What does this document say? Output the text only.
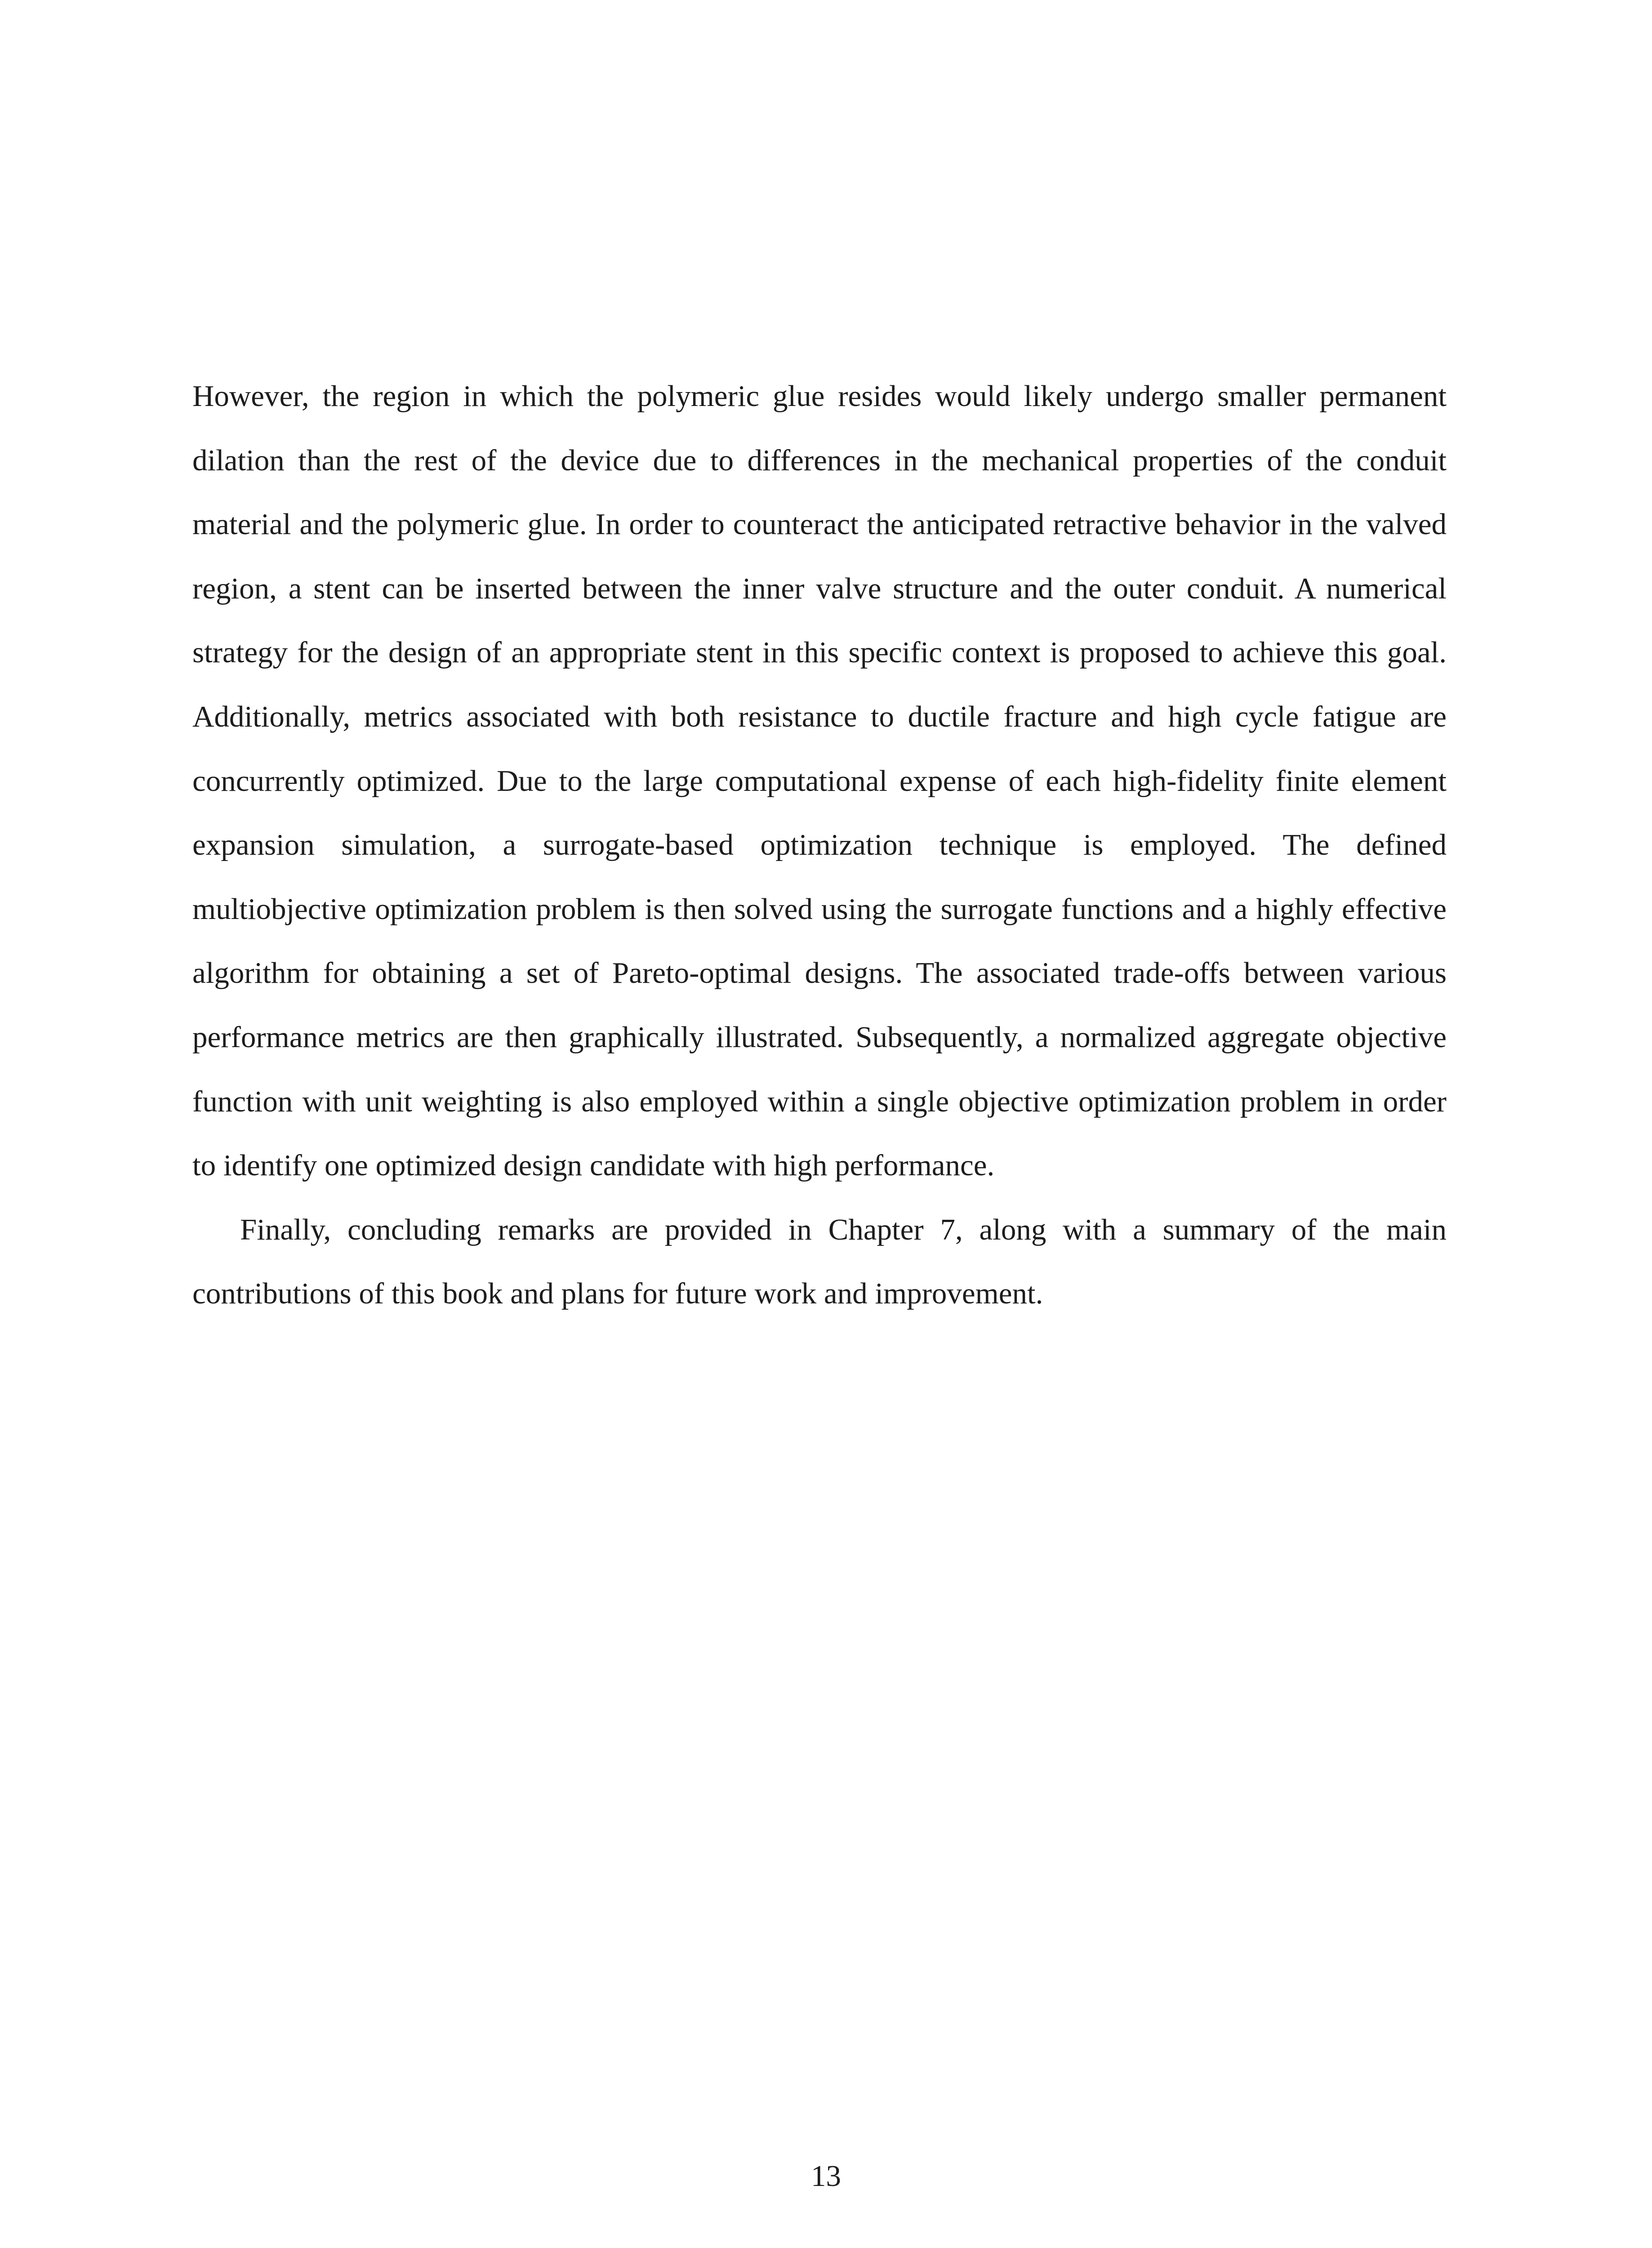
However, the region in which the polymeric glue resides would likely undergo smaller permanent dilation than the rest of the device due to differences in the mechanical properties of the conduit material and the polymeric glue. In order to counteract the anticipated retractive behavior in the valved region, a stent can be inserted between the inner valve structure and the outer conduit. A numerical strategy for the design of an appropriate stent in this specific context is proposed to achieve this goal. Additionally, metrics associated with both resistance to ductile fracture and high cycle fatigue are concurrently optimized. Due to the large computational expense of each high-fidelity finite element expansion simulation, a surrogate-based optimization technique is employed. The defined multiobjective optimization problem is then solved using the surrogate functions and a highly effective algorithm for obtaining a set of Pareto-optimal designs. The associated trade-offs between various performance metrics are then graphically illustrated. Subsequently, a normalized aggregate objective function with unit weighting is also employed within a single objective optimization problem in order to identify one optimized design candidate with high performance.

Finally, concluding remarks are provided in Chapter 7, along with a summary of the main contributions of this book and plans for future work and improvement.

13
